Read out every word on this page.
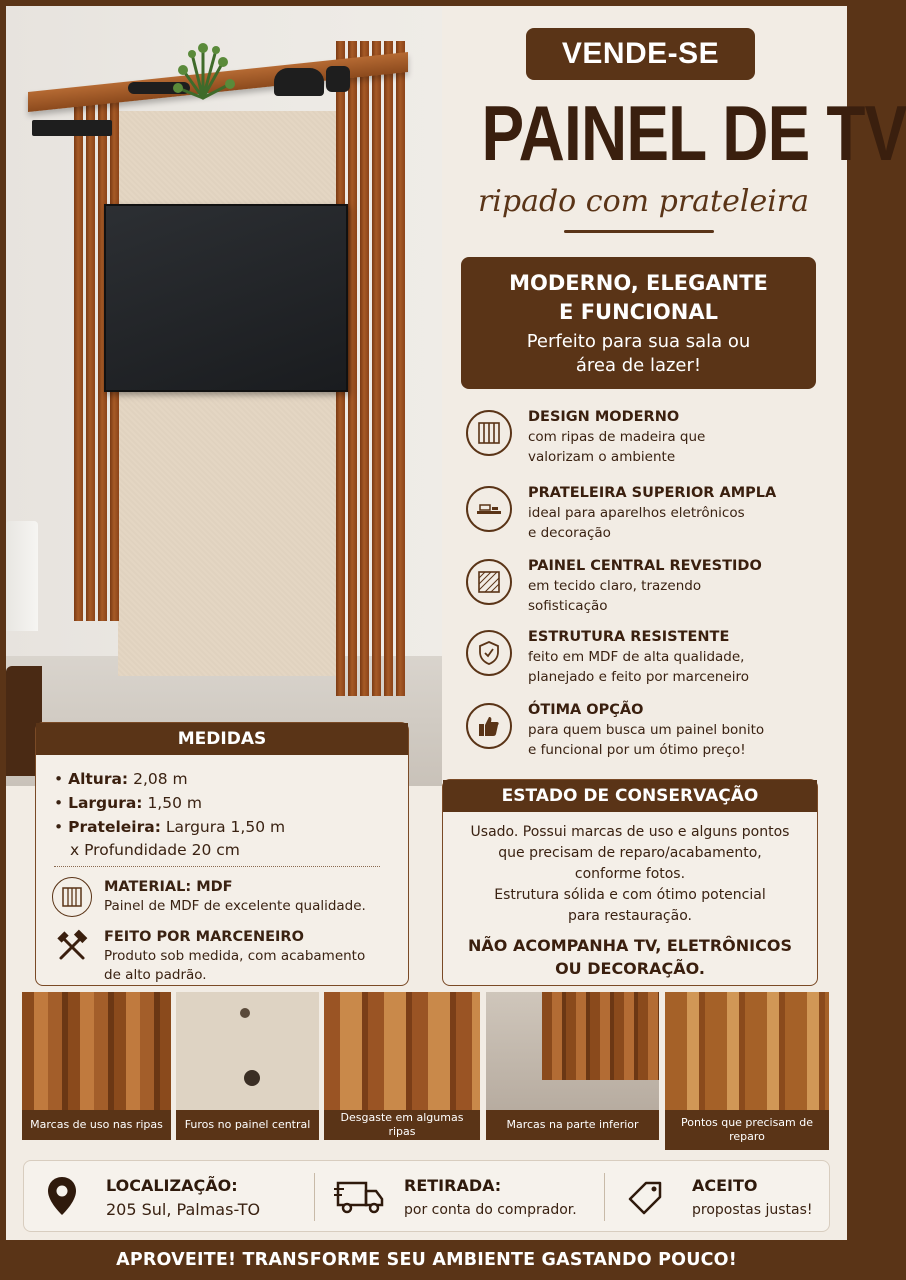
VENDE-SE
PAINEL DE TV
ripado com prateleira
MODERNO, ELEGANTE
E FUNCIONAL
Perfeito para sua sala ou
área de lazer!
DESIGN MODERNO
com ripas de madeira que
valorizam o ambiente
PRATELEIRA SUPERIOR AMPLA
ideal para aparelhos eletrônicos
e decoração
PAINEL CENTRAL REVESTIDO
em tecido claro, trazendo
sofisticação
ESTRUTURA RESISTENTE
feito em MDF de alta qualidade,
planejado e feito por marceneiro
ÓTIMA OPÇÃO
para quem busca um painel bonito
e funcional por um ótimo preço!
MEDIDAS
• Altura: 2,08 m
• Largura: 1,50 m
• Prateleira: Largura 1,50 m
x Profundidade 20 cm
MATERIAL: MDF
Painel de MDF de excelente qualidade.
FEITO POR MARCENEIRO
Produto sob medida, com acabamento
de alto padrão.
ESTADO DE CONSERVAÇÃO
Usado. Possui marcas de uso e alguns pontos
que precisam de reparo/acabamento,
conforme fotos.
Estrutura sólida e com ótimo potencial
para restauração.
NÃO ACOMPANHA TV, ELETRÔNICOS
OU DECORAÇÃO.
Marcas de uso nas ripas	Furos no painel central
Desgaste em algumas ripas
Marcas na parte inferior	Pontos que precisam de reparo
LOCALIZAÇÃO:
205 Sul, Palmas-TO
RETIRADA:
por conta do comprador.
ACEITO
propostas justas!
APROVEITE! TRANSFORME SEU AMBIENTE GASTANDO POUCO!
